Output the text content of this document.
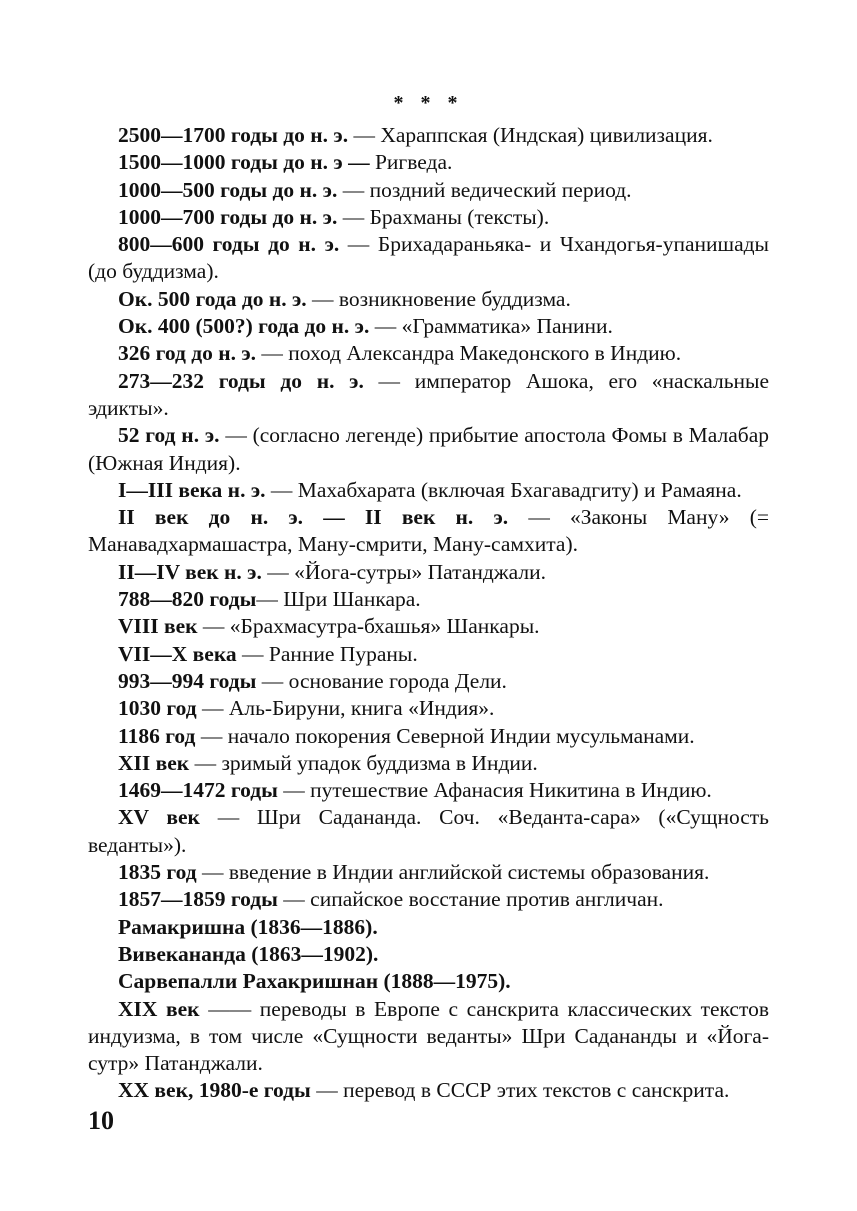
* * *

2500—1700 годы до н. э. — Хараппская (Индская) цивилизация.

1500—1000 годы до н. э — Ригведа.

1000—500 годы до н. э. — поздний ведический период.

1000—700 годы до н. э. — Брахманы (тексты).

800—600 годы до н. э. — Брихадараньяка- и Чхандогья-упанишады (до буддизма).

Ок. 500 года до н. э. — возникновение буддизма.

Ок. 400 (500?) года до н. э. — «Грамматика» Панини.

326 год до н. э. — поход Александра Македонского в Индию.

273—232 годы до н. э. — император Ашока, его «наскальные эдикты».

52 год н. э. — (согласно легенде) прибытие апостола Фомы в Малабар (Южная Индия).

I—III века н. э. — Махабхарата (включая Бхагавадгиту) и Рамаяна.

II век до н. э. — II век н. э. — «Законы Ману» (= Манавадхармашастра, Ману-смрити, Ману-самхита).

II—IV век н. э. — «Йога-сутры» Патанджали.

788—820 годы— Шри Шанкара.

VIII век — «Брахмасутра-бхашья» Шанкары.

VII—X века — Ранние Пураны.

993—994 годы — основание города Дели.

1030 год — Аль-Бируни, книга «Индия».

1186 год — начало покорения Северной Индии мусульманами.

XII век — зримый упадок буддизма в Индии.

1469—1472 годы — путешествие Афанасия Никитина в Индию.

XV век — Шри Садананда. Соч. «Веданта-сара» («Сущность веданты»).

1835 год — введение в Индии английской системы образования.

1857—1859 годы — сипайское восстание против англичан.

Рамакришна (1836—1886).

Вивекананда (1863—1902).

Сарвепалли Рахакришнан (1888—1975).

XIX век —— переводы в Европе с санскрита классических текстов индуизма, в том числе «Сущности веданты» Шри Садананды и «Йога-сутр» Патанджали.

XX век, 1980-е годы — перевод в СССР этих текстов с санскрита.

10
